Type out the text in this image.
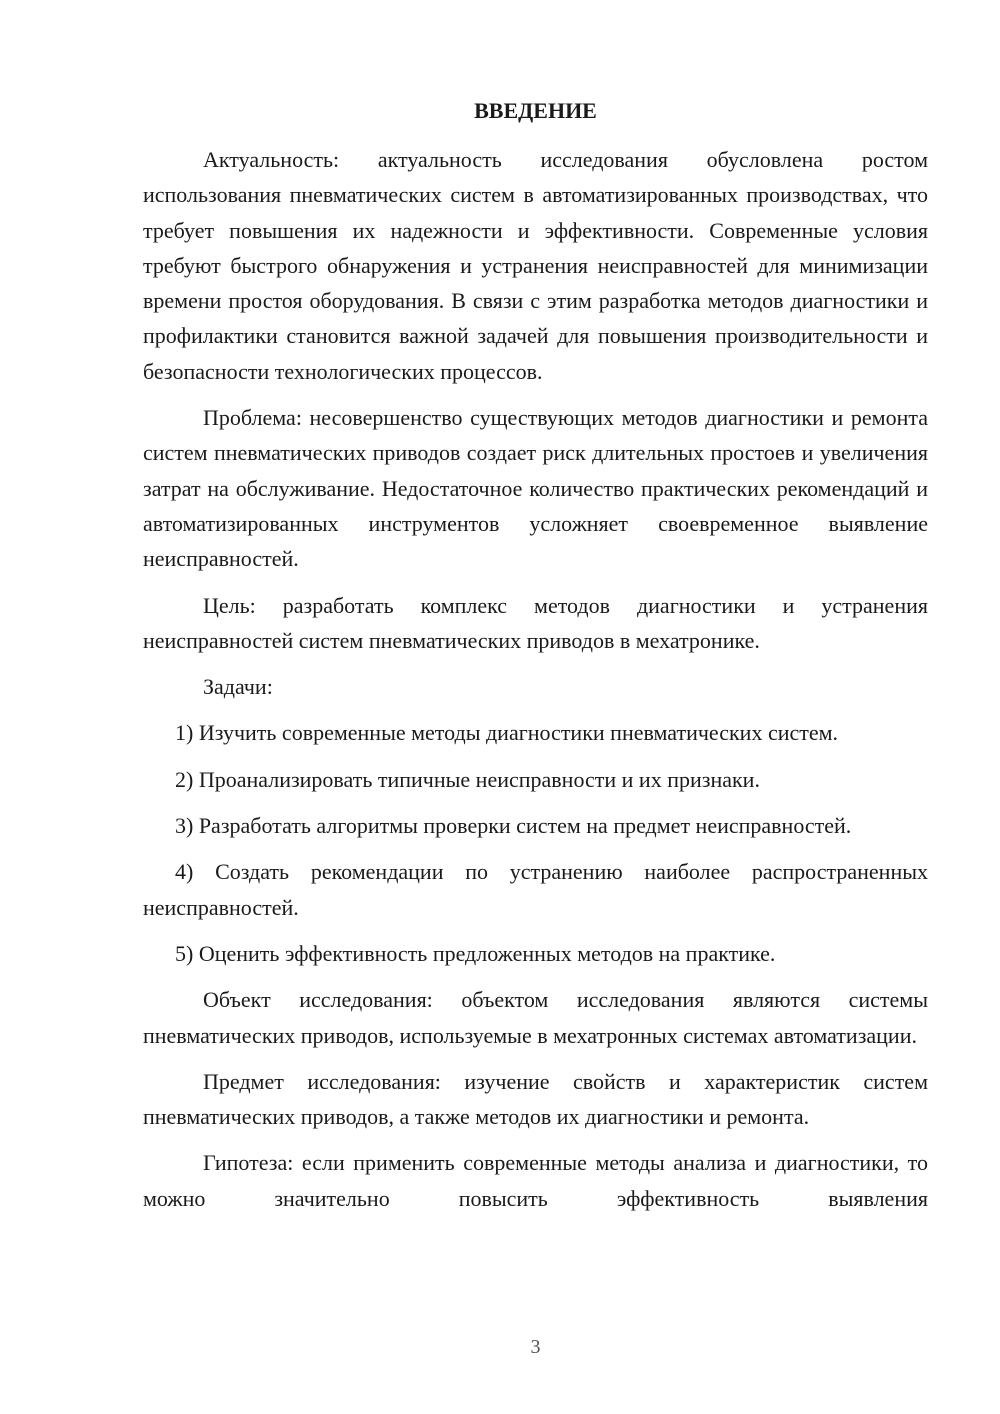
ВВЕДЕНИЕ

Актуальность: актуальность исследования обусловлена ростом использования пневматических систем в автоматизированных производствах, что требует повышения их надежности и эффективности. Современные условия требуют быстрого обнаружения и устранения неисправностей для минимизации времени простоя оборудования. В связи с этим разработка методов диагностики и профилактики становится важной задачей для повышения производительности и безопасности технологических процессов.

Проблема: несовершенство существующих методов диагностики и ремонта систем пневматических приводов создает риск длительных простоев и увеличения затрат на обслуживание. Недостаточное количество практических рекомендаций и автоматизированных инструментов усложняет своевременное выявление неисправностей.

Цель: разработать комплекс методов диагностики и устранения неисправностей систем пневматических приводов в мехатронике.

Задачи:

1) Изучить современные методы диагностики пневматических систем.

2) Проанализировать типичные неисправности и их признаки.

3) Разработать алгоритмы проверки систем на предмет неисправностей.

4) Создать рекомендации по устранению наиболее распространенных неисправностей.

5) Оценить эффективность предложенных методов на практике.

Объект исследования: объектом исследования являются системы пневматических приводов, используемые в мехатронных системах автоматизации.

Предмет исследования: изучение свойств и характеристик систем пневматических приводов, а также методов их диагностики и ремонта.

Гипотеза: если применить современные методы анализа и диагностики, то можно значительно повысить эффективность выявления

3
